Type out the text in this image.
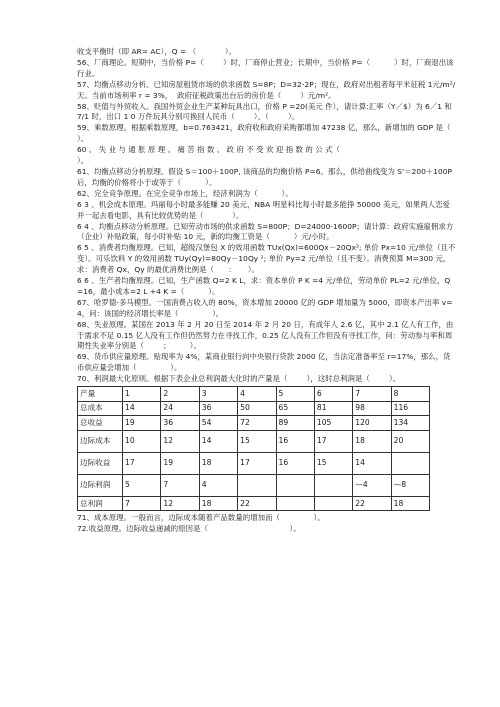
收支平衡时（即 AR= AC），Q = （            ）。

56、厂商理论。短期中，当价格 P=（        ）时，厂商停止营业；长期中，当价格 P=（          ）时，厂商退出该行业。

57、均衡点移动分析。已知房屋租赁市场的供求函数 S=8P；D=32-2P；现在，政府对出租者每平米征税 1元/m²/天。当前市场利率 r = 3%，  政府征税政策出台后的房价是（        ）元/m²。

58、贬值与外贸收入。我国外贸企业生产某种玩具出口，价格 P =20(美元 件），请计算:汇率（Y／$）为 6／1 和 7/1 时，出口 1 0 万件玩具分别可换回人民币（        ）、（        ）。

59、乘数原理。根据乘数原理，b=0.763421，政府收和政府采购都增加 47238 亿，那么，新增加的 GDP 是（            ）。

60 、 失 业 与 通 胀 原 理 。 痛 苦 指 数 、 政 府 不 受 欢 迎 指 数 的 公 式（                                                    ）。

61、均衡点移动分析原理。假设 S＝100＋100P, 该商品的均衡价格 P=6。那么，供给曲线变为 S'＝200＋100P 后，均衡的价格将小于或等于（          ）。

62、完全竞争原理。在完全竞争市场上，经济利润为（          ）。

6 3 、机会成本原理。玛丽每小时最多能赚 20 美元，NBA 明星科比每小时最多能挣 50000 美元，如果两人恋爱并一起去看电影，具有比较优势的是（            ）。

6 4 、均衡点移动分析原理。已知劳动市场的供求函数 S=800P；D=24000-1600P；请计算：政府实施雇佣求方（企业）补贴政策，每小时补贴 10 元，新的均衡工资是（          ）元/小时。

6 5 、消费者均衡原理。已知，超级汉堡包 X 的效用函数 TUx(Qx)=600Qx－20Qx²; 单价 Px=10 元/单位（且不变）。可乐饮料 Y 的效用函数 TUy(Qy)=80Qy－10Qy ²; 单价 Py=2 元/单位（且不变）。消费预算 M=300 元，求：消费者 Qx、Qy 的最优消费比例是（      ：     ）。

6 6 、生产者均衡原理。已知，生产函数 Q=2 K L，求：资本单价 P K =4 元/单位，劳动单价 PL=2 元/单位，Q=16，最小成本=2 L +4 K =（          ）。

67、哈罗德-多马模型。一国消费占收入的 80%，资本增加 20000 亿的 GDP 增加量为 5000，即资本产出率 v=4，问：该国的经济增长率是（              ）。

68、失业原理。某国在 2013 年 2 月 20 日至 2014 年 2 月 20 日，有成年人 2.6 亿，其中 2.1 亿人有工作，由于需求不足 0.15 亿人没有工作但仍然努力在寻找工作，0.25 亿人没有工作但没有寻找工作，问：劳动参与率和周期性失业率分别是（        ；        ）。

69、货币供应量原理。贴现率为 4%，某商业银行向中央银行贷款 2000 亿，当法定准备率至 r=17%，那么，货币供应量会增加（              ）。

70、利润最大化原则。根据下表企业总利润最大化时的产量是（        ），这时总利润是（        ）。

产量	1	2	3	4	5	6	7	8
总成本	14	24	36	50	65	81	98	116
总收益	19	36	54	72	89	105	120	134
边际成本	10	12	14	15	16	17	18	20
边际收益	17	19	18	17	16	15	14	
边际利润	5	7	4				—4	—8
总利润	7	12	18	22			22	18

71、成本原理。一般而言，边际成本随着产品数量的增加而（              ）。

72.收益原理。边际收益递减的原因是（                                  ）。
